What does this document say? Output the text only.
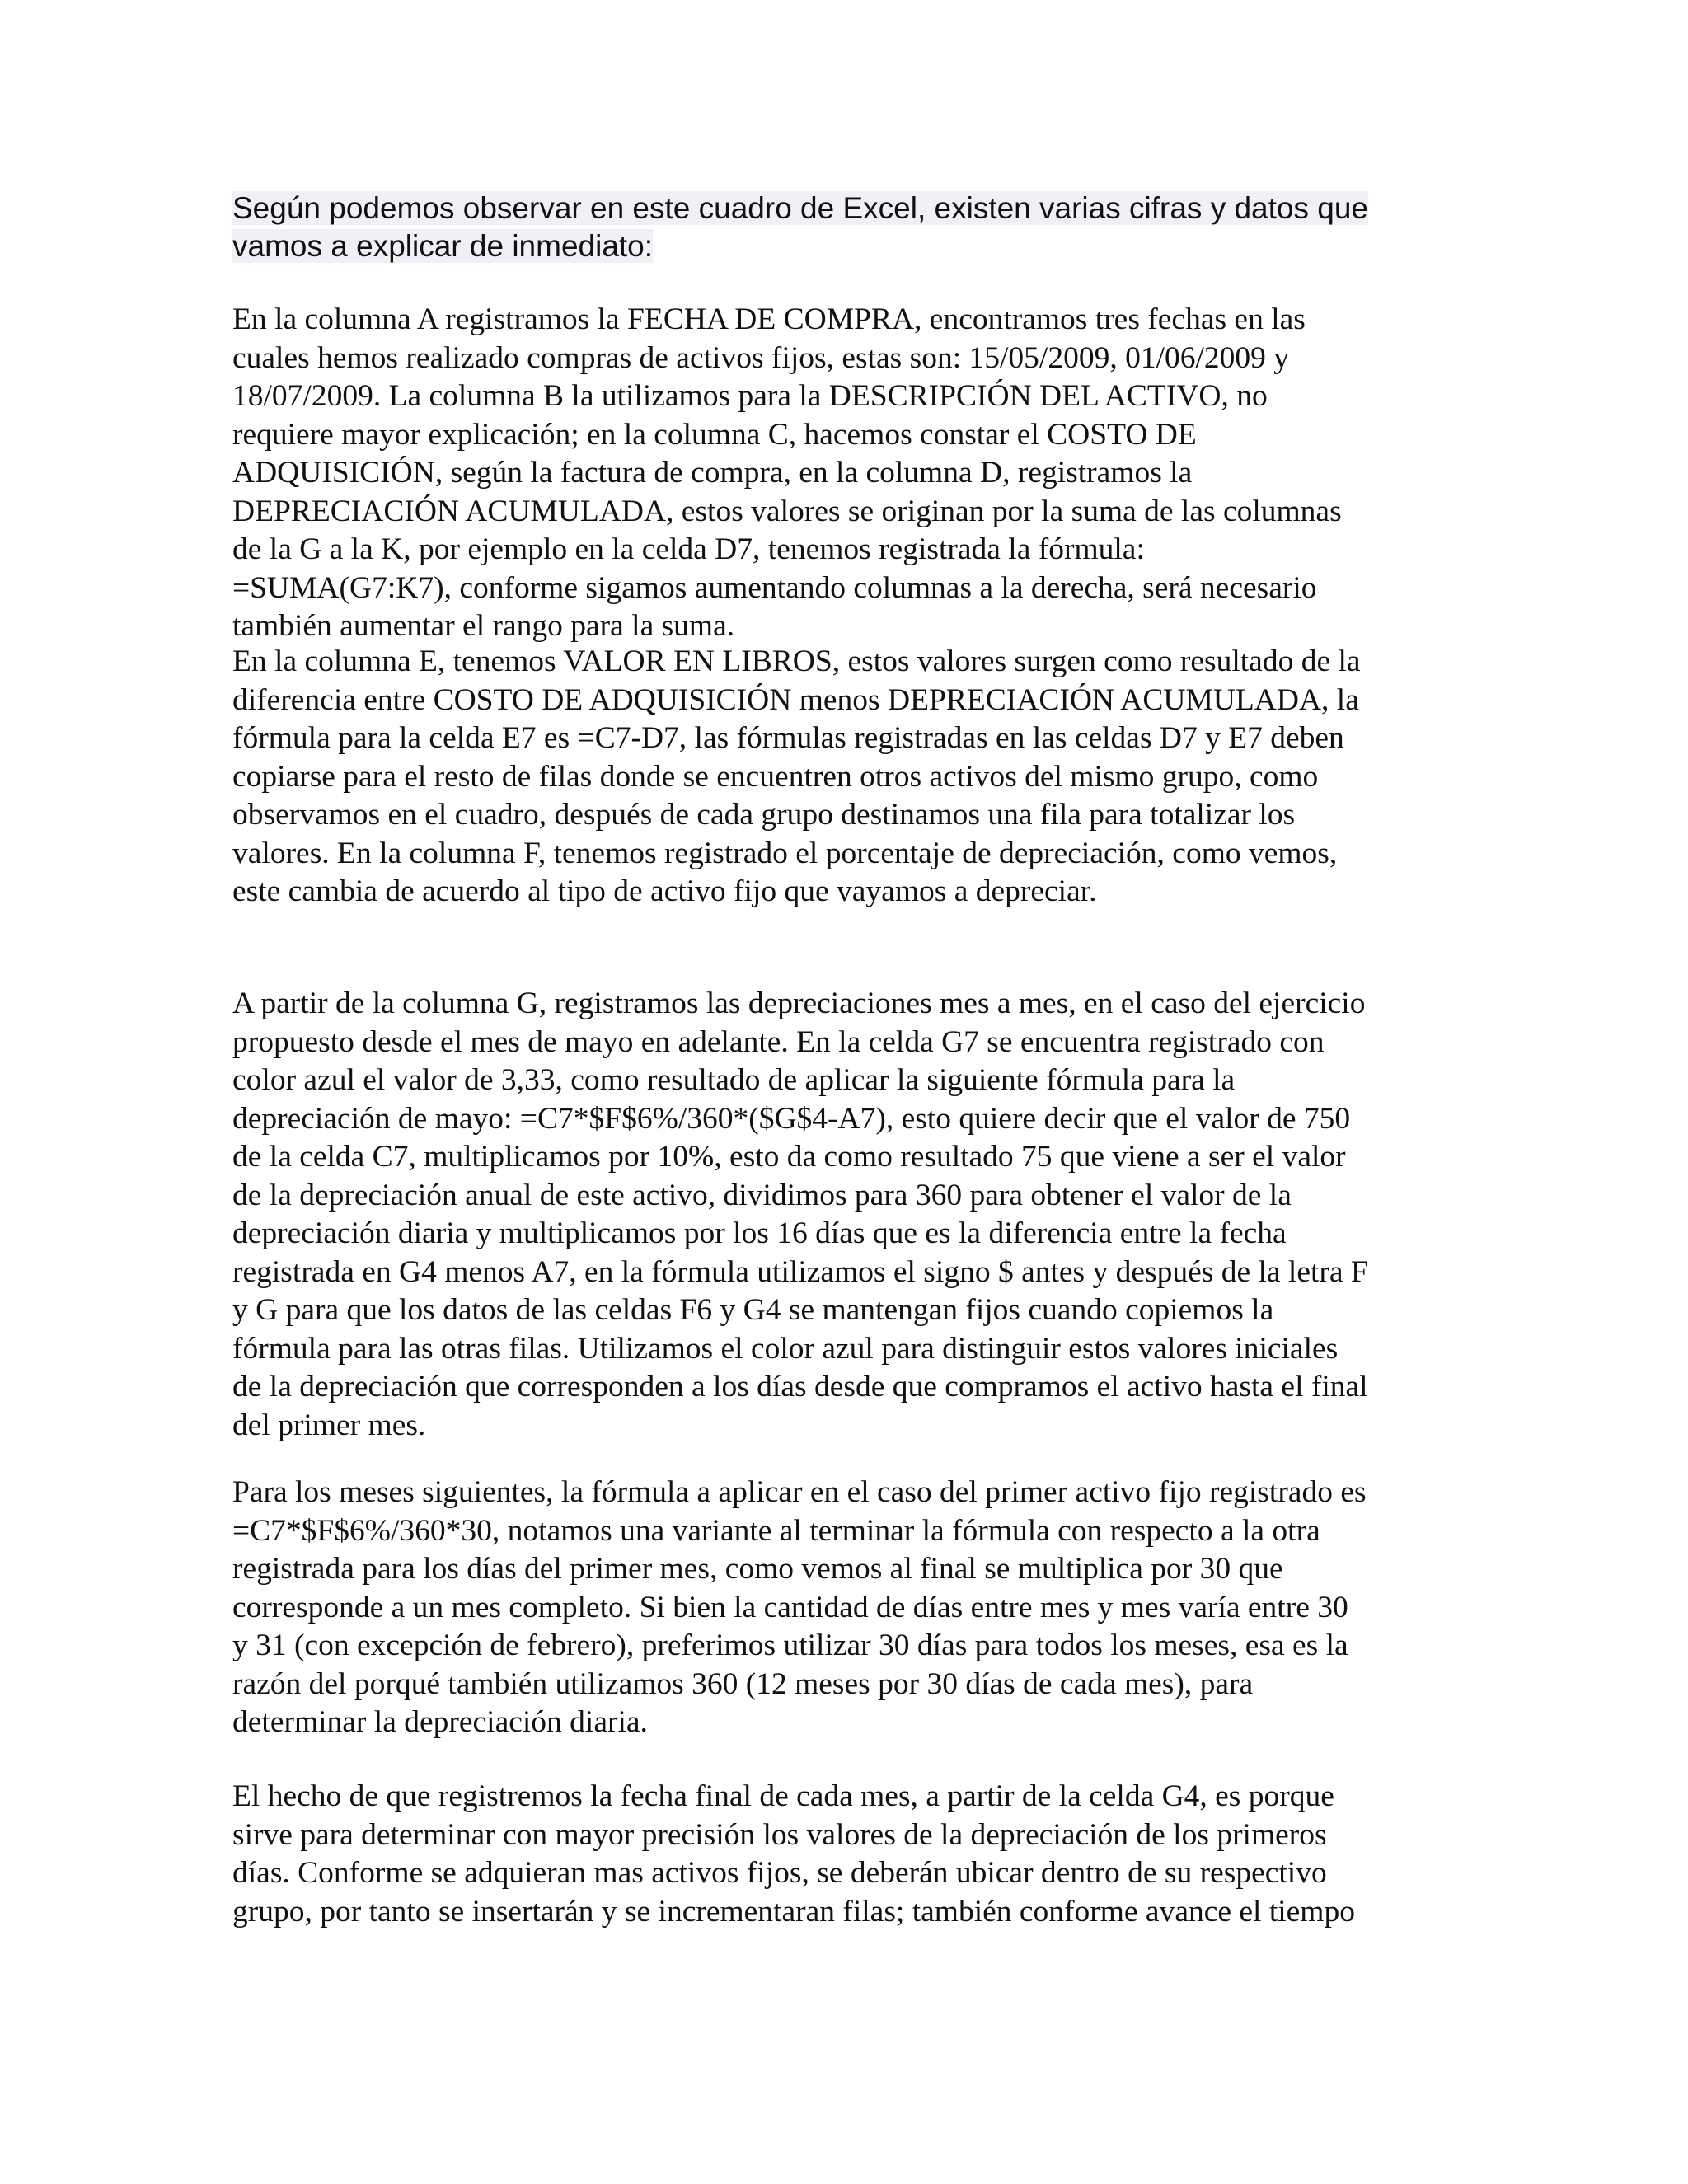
Según podemos observar en este cuadro de Excel, existen varias cifras y datos que
vamos a explicar de inmediato:
En la columna A registramos la FECHA DE COMPRA, encontramos tres fechas en las
cuales hemos realizado compras de activos fijos, estas son: 15/05/2009, 01/06/2009 y
18/07/2009. La columna B la utilizamos para la DESCRIPCIÓN DEL ACTIVO, no
requiere mayor explicación; en la columna C, hacemos constar el COSTO DE
ADQUISICIÓN, según la factura de compra, en la columna D, registramos la
DEPRECIACIÓN ACUMULADA, estos valores se originan por la suma de las columnas
de la G a la K, por ejemplo en la celda D7, tenemos registrada la fórmula:
=SUMA(G7:K7), conforme sigamos aumentando columnas a la derecha, será necesario
también aumentar el rango para la suma.
En la columna E, tenemos VALOR EN LIBROS, estos valores surgen como resultado de la
diferencia entre COSTO DE ADQUISICIÓN menos DEPRECIACIÓN ACUMULADA, la
fórmula para la celda E7 es =C7-D7, las fórmulas registradas en las celdas D7 y E7 deben
copiarse para el resto de filas donde se encuentren otros activos del mismo grupo, como
observamos en el cuadro, después de cada grupo destinamos una fila para totalizar los
valores. En la columna F, tenemos registrado el porcentaje de depreciación, como vemos,
este cambia de acuerdo al tipo de activo fijo que vayamos a depreciar.
A partir de la columna G, registramos las depreciaciones mes a mes, en el caso del ejercicio
propuesto desde el mes de mayo en adelante. En la celda G7 se encuentra registrado con
color azul el valor de 3,33, como resultado de aplicar la siguiente fórmula para la
depreciación de mayo: =C7*$F$6%/360*($G$4-A7), esto quiere decir que el valor de 750
de la celda C7, multiplicamos por 10%, esto da como resultado 75 que viene a ser el valor
de la depreciación anual de este activo, dividimos para 360 para obtener el valor de la
depreciación diaria y multiplicamos por los 16 días que es la diferencia entre la fecha
registrada en G4 menos A7, en la fórmula utilizamos el signo $ antes y después de la letra F
y G para que los datos de las celdas F6 y G4 se mantengan fijos cuando copiemos la
fórmula para las otras filas. Utilizamos el color azul para distinguir estos valores iniciales
de la depreciación que corresponden a los días desde que compramos el activo hasta el final
del primer mes.
Para los meses siguientes, la fórmula a aplicar en el caso del primer activo fijo registrado es
=C7*$F$6%/360*30, notamos una variante al terminar la fórmula con respecto a la otra
registrada para los días del primer mes, como vemos al final se multiplica por 30 que
corresponde a un mes completo. Si bien la cantidad de días entre mes y mes varía entre 30
y 31 (con excepción de febrero), preferimos utilizar 30 días para todos los meses, esa es la
razón del porqué también utilizamos 360 (12 meses por 30 días de cada mes), para
determinar la depreciación diaria.
El hecho de que registremos la fecha final de cada mes, a partir de la celda G4, es porque
sirve para determinar con mayor precisión los valores de la depreciación de los primeros
días. Conforme se adquieran mas activos fijos, se deberán ubicar dentro de su respectivo
grupo, por tanto se insertarán y se incrementaran filas; también conforme avance el tiempo
